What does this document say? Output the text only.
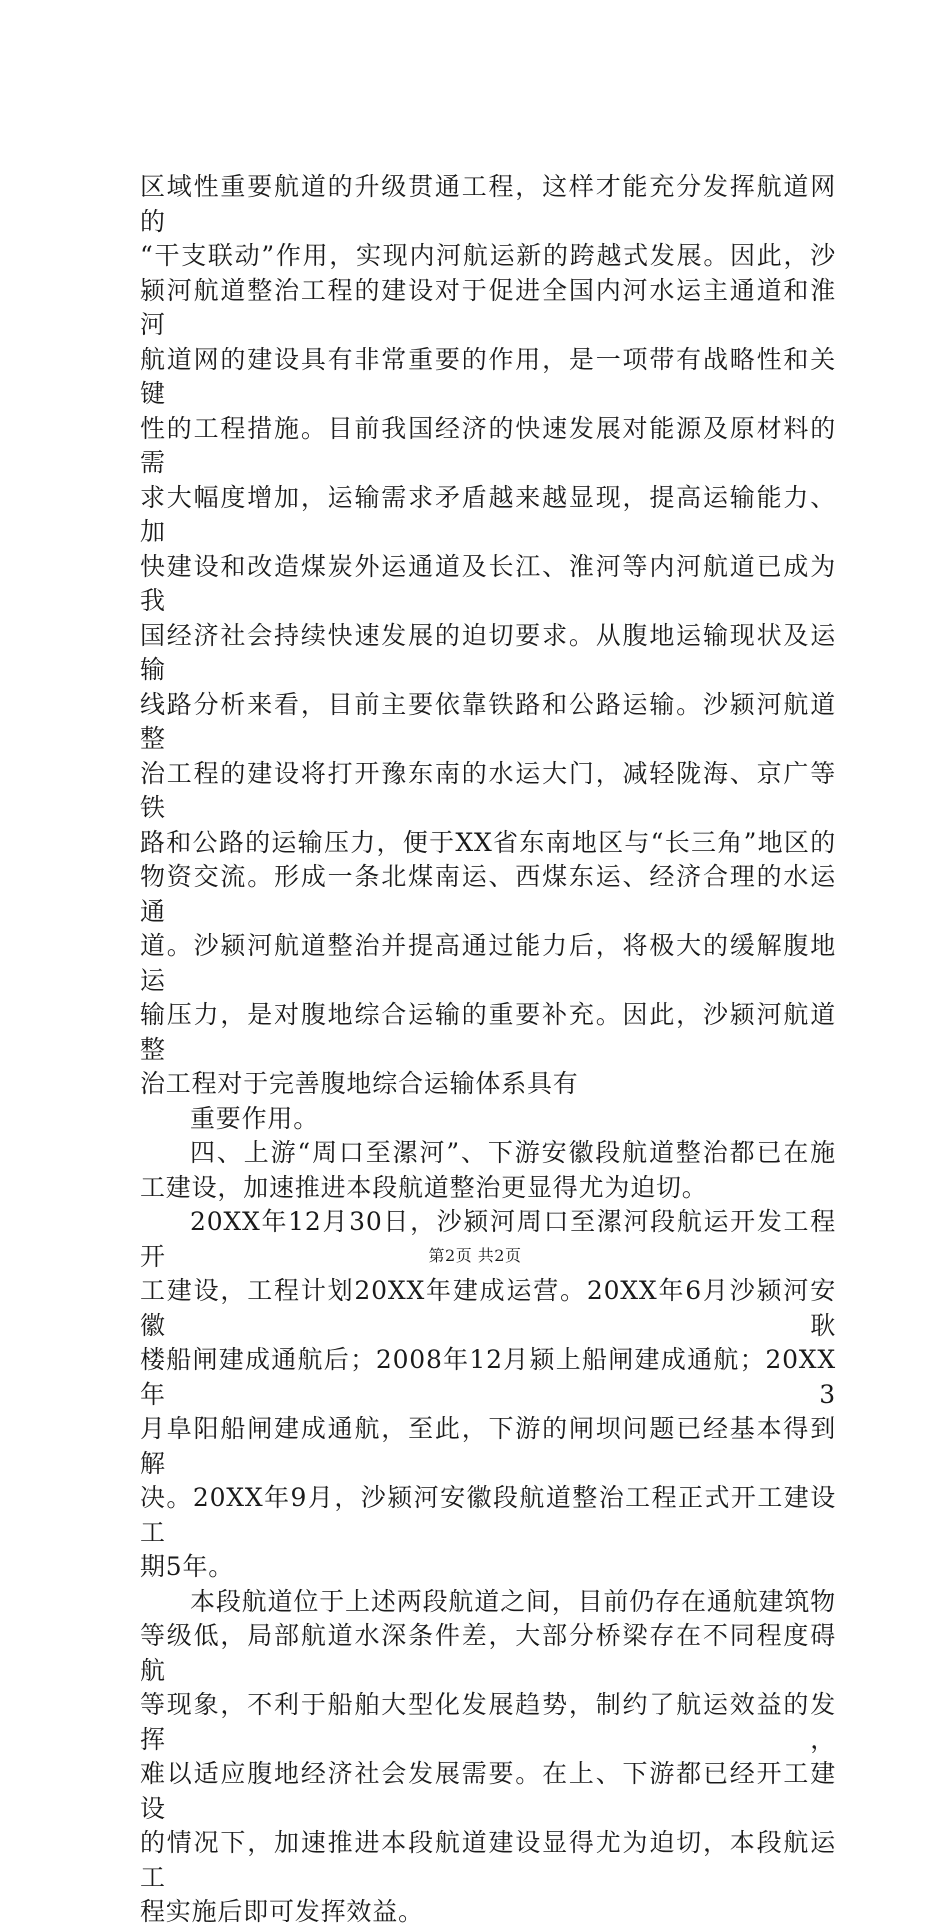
区域性重要航道的升级贯通工程，这样才能充分发挥航道网的
“干支联动”作用，实现内河航运新的跨越式发展。因此，沙
颍河航道整治工程的建设对于促进全国内河水运主通道和淮河
航道网的建设具有非常重要的作用，是一项带有战略性和关键
性的工程措施。目前我国经济的快速发展对能源及原材料的需
求大幅度增加，运输需求矛盾越来越显现，提高运输能力、加
快建设和改造煤炭外运通道及长江、淮河等内河航道已成为我
国经济社会持续快速发展的迫切要求。从腹地运输现状及运输
线路分析来看，目前主要依靠铁路和公路运输。沙颍河航道整
治工程的建设将打开豫东南的水运大门，减轻陇海、京广等铁
路和公路的运输压力，便于XX省东南地区与“长三角”地区的
物资交流。形成一条北煤南运、西煤东运、经济合理的水运通
道。沙颍河航道整治并提高通过能力后，将极大的缓解腹地运
输压力，是对腹地综合运输的重要补充。因此，沙颍河航道整
治工程对于完善腹地综合运输体系具有
重要作用。
四、上游“周口至漯河”、下游安徽段航道整治都已在施
工建设，加速推进本段航道整治更显得尤为迫切。
20XX年12月30日，沙颍河周口至漯河段航运开发工程开
工建设，工程计划20XX年建成运营。20XX年6月沙颍河安徽耿
楼船闸建成通航后；2008年12月颍上船闸建成通航；20XX年3
月阜阳船闸建成通航，至此，下游的闸坝问题已经基本得到解
决。20XX年9月，沙颍河安徽段航道整治工程正式开工建设工
期5年。
本段航道位于上述两段航道之间，目前仍存在通航建筑物
等级低，局部航道水深条件差，大部分桥梁存在不同程度碍航
等现象，不利于船舶大型化发展趋势，制约了航运效益的发挥，
难以适应腹地经济社会发展需要。在上、下游都已经开工建设
的情况下，加速推进本段航道建设显得尤为迫切，本段航运工
程实施后即可发挥效益。
第2页 共2页
